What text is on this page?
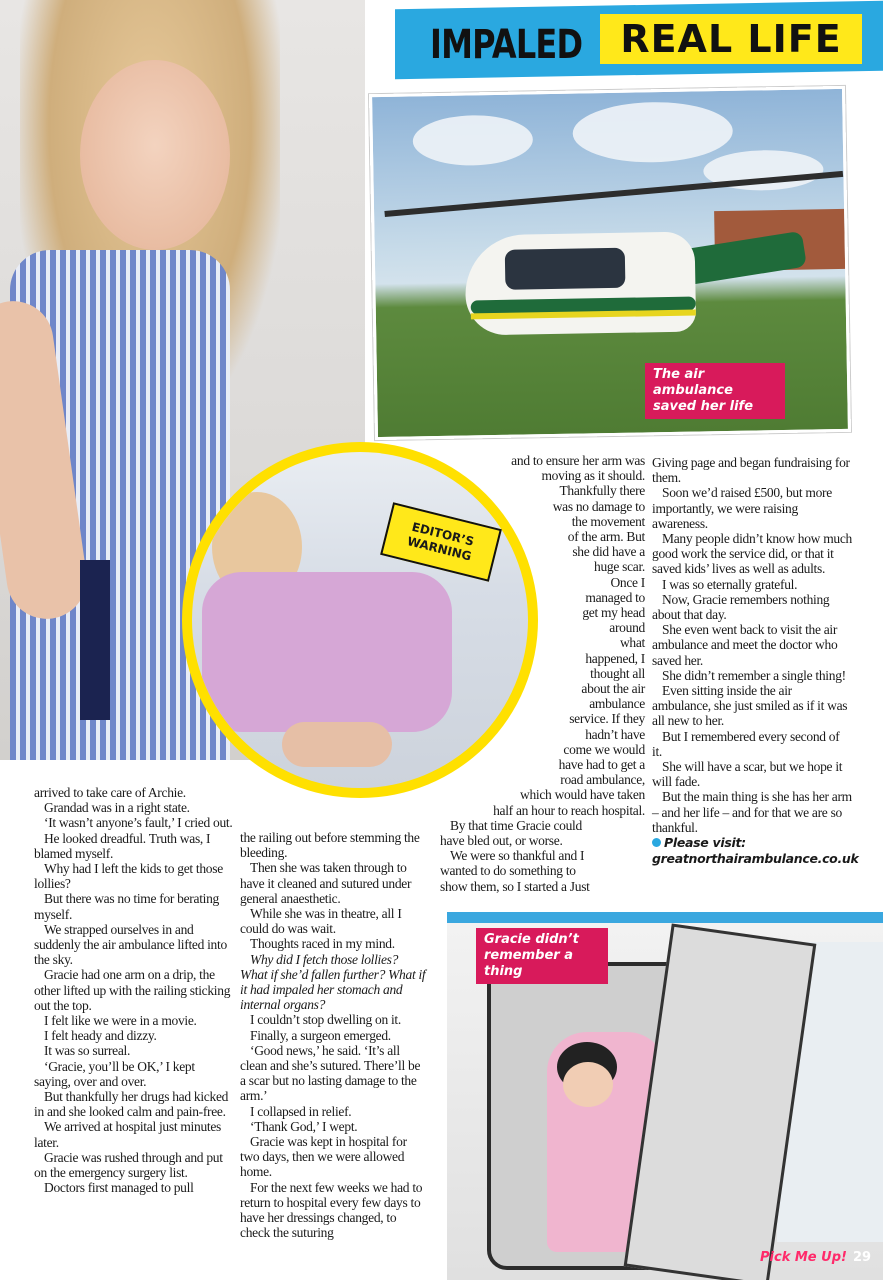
IMPALED	REAL LIFE
The air ambulance saved her life
EDITOR’S WARNING

arrived to take care of Archie.

Grandad was in a right state.

‘It wasn’t anyone’s fault,’ I cried out.

He looked dreadful. Truth was, I blamed myself.

Why had I left the kids to get those lollies?

But there was no time for berating myself.

We strapped ourselves in and suddenly the air ambulance lifted into the sky.

Gracie had one arm on a drip, the other lifted up with the railing sticking out the top.

I felt like we were in a movie.

I felt heady and dizzy.

It was so surreal.

‘Gracie, you’ll be OK,’ I kept saying, over and over.

But thankfully her drugs had kicked in and she looked calm and pain-free.

We arrived at hospital just minutes later.

Gracie was rushed through and put on the emergency surgery list.

Doctors first managed to pull

the railing out before stemming the bleeding.

Then she was taken through to have it cleaned and sutured under general anaesthetic.

While she was in theatre, all I could do was wait.

Thoughts raced in my mind.

Why did I fetch those lollies? What if she’d fallen further? What if it had impaled her stomach and internal organs?

I couldn’t stop dwelling on it.

Finally, a surgeon emerged.

‘Good news,’ he said. ‘It’s all clean and she’s sutured. There’ll be a scar but no lasting damage to the arm.’

I collapsed in relief.

‘Thank God,’ I wept.

Gracie was kept in hospital for two days, then we were allowed home.

For the next few weeks we had to return to hospital every few days to have her dressings changed, to check the suturing

and to ensure her arm was
moving as it should.
Thankfully there
was no damage to
the movement
of the arm. But
she did have a
huge scar.
Once I
managed to
get my head
around
what
happened, I
thought all
about the air
ambulance
service. If they
hadn’t have
come we would
have had to get a
road ambulance,
which would have taken
half an hour to reach hospital.
By that time Gracie could
have bled out, or worse.
We were so thankful and I
wanted to do something to
show them, so I started a Just

Giving page and began fundraising for them.

Soon we’d raised £500, but more importantly, we were raising awareness.

Many people didn’t know how much good work the service did, or that it saved kids’ lives as well as adults.

I was so eternally grateful.

Now, Gracie remembers nothing about that day.

She even went back to visit the air ambulance and meet the doctor who saved her.

She didn’t remember a single thing!

Even sitting inside the air ambulance, she just smiled as if it was all new to her.

But I remembered every second of it.

She will have a scar, but we hope it will fade.

But the main thing is she has her arm – and her life – and for that we are so thankful.

Please visit:
greatnorthairambulance.co.uk
Gracie didn’t remember a thing
Pick Me Up! 29
